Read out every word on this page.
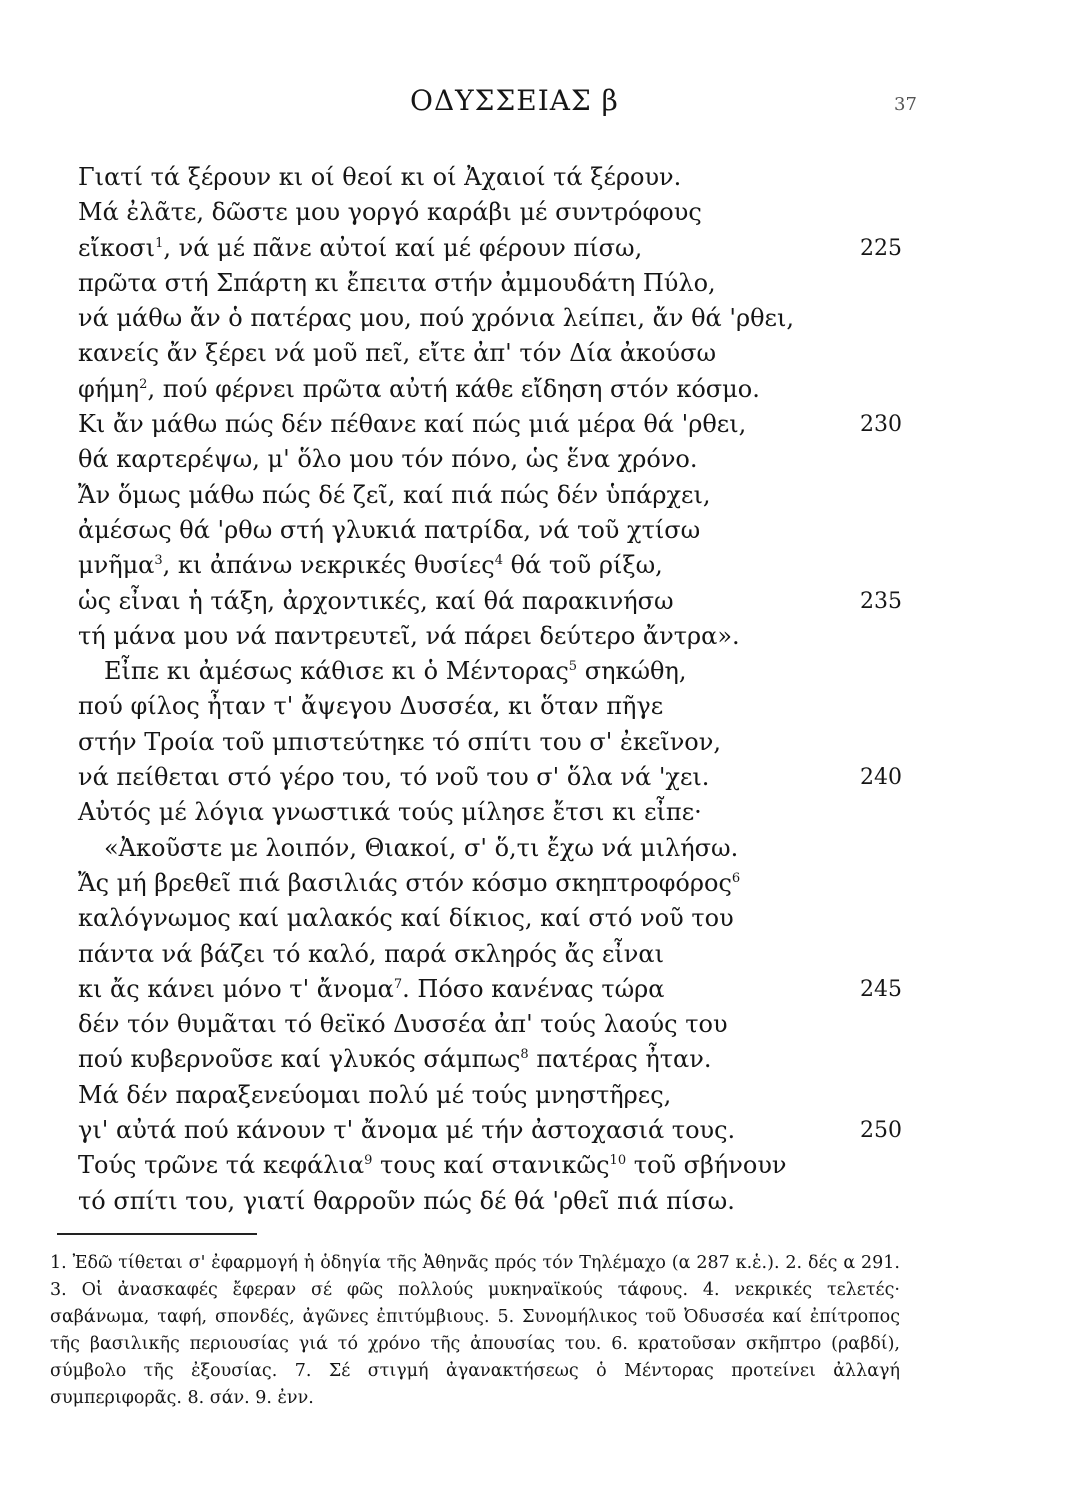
ΟΔΥΣΣΕΙΑΣ β	37
Γιατί τά ξέρουν κι οί θεοί κι οί Ἀχαιοί τά ξέρουν.
Μά ἐλᾶτε, δῶστε μου γοργό καράβι μέ συντρόφους
εἴκοσι$^1$, νά μέ πᾶνε αὐτοί καί μέ φέρουν πίσω,	225
πρῶτα στή Σπάρτη κι ἔπειτα στήν ἀμμουδάτη Πύλο,
νά μάθω ἄν ὁ πατέρας μου, πού χρόνια λείπει, ἄν θά 'ρθει,
κανείς ἄν ξέρει νά μοῦ πεῖ, εἴτε ἀπ' τόν Δία ἀκούσω
φήμη$^2$, πού φέρνει πρῶτα αὐτή κάθε εἴδηση στόν κόσμο.
Κι ἄν μάθω πώς δέν πέθανε καί πώς μιά μέρα θά 'ρθει,	230
θά καρτερέψω, μ' ὅλο μου τόν πόνο, ὡς ἕνα χρόνο.
Ἄν ὅμως μάθω πώς δέ ζεῖ, καί πιά πώς δέν ὑπάρχει,
ἀμέσως θά 'ρθω στή γλυκιά πατρίδα, νά τοῦ χτίσω
μνῆμα$^3$, κι ἀπάνω νεκρικές θυσίες$^4$ θά τοῦ ρίξω,
ὡς εἶναι ἡ τάξη, ἀρχοντικές, καί θά παρακινήσω	235
τή μάνα μου νά παντρευτεῖ, νά πάρει δεύτερο ἄντρα».
Εἶπε κι ἀμέσως κάθισε κι ὁ Μέντορας$^5$ σηκώθη,
πού φίλος ἦταν τ' ἄψεγου Δυσσέα, κι ὅταν πῆγε
στήν Τροία τοῦ μπιστεύτηκε τό σπίτι του σ' ἐκεῖνον,
νά πείθεται στό γέρο του, τό νοῦ του σ' ὅλα νά 'χει.	240
Αὐτός μέ λόγια γνωστικά τούς μίλησε ἔτσι κι εἶπε·
«Ἀκοῦστε με λοιπόν, Θιακοί, σ' ὅ,τι ἔχω νά μιλήσω.
Ἄς μή βρεθεῖ πιά βασιλιάς στόν κόσμο σκηπτροφόρος$^6$
καλόγνωμος καί μαλακός καί δίκιος, καί στό νοῦ του
πάντα νά βάζει τό καλό, παρά σκληρός ἄς εἶναι
κι ἄς κάνει μόνο τ' ἄνομα$^7$. Πόσο κανένας τώρα	245
δέν τόν θυμᾶται τό θεϊκό Δυσσέα ἀπ' τούς λαούς του
πού κυβερνοῦσε καί γλυκός σάμπως$^8$ πατέρας ἦταν.
Μά δέν παραξενεύομαι πολύ μέ τούς μνηστῆρες,
γι' αὐτά πού κάνουν τ' ἄνομα μέ τήν ἀστοχασιά τους.	250
Τούς τρῶνε τά κεφάλια$^9$ τους καί στανικῶς$^{10}$ τοῦ σβήνουν
τό σπίτι του, γιατί θαρροῦν πώς δέ θά 'ρθεῖ πιά πίσω.
1. Ἐδῶ τίθεται σ' ἐφαρμογή ἡ ὁδηγία τῆς Ἀθηνᾶς πρός τόν Τηλέμαχο (α 287 κ.ἑ.). 2. δές α 291. 3. Οἱ ἀνασκαφές ἔφεραν σέ φῶς πολλούς μυκηναϊκούς τάφους. 4. νεκρικές τελετές· σαβάνωμα, ταφή, σπονδές, ἀγῶνες ἐπιτύμβιους. 5. Συνομήλικος τοῦ Ὀδυσσέα καί ἐπίτροπος τῆς βασιλικῆς περιουσίας γιά τό χρόνο τῆς ἀπουσίας του. 6. κρατοῦσαν σκῆπτρο (ραβδί), σύμβολο τῆς ἐξουσίας. 7. Σέ στιγμή ἀγανακτήσεως ὁ Μέντορας προτείνει ἀλλαγή συμπεριφορᾶς. 8. σάν. 9. ἐνν.
